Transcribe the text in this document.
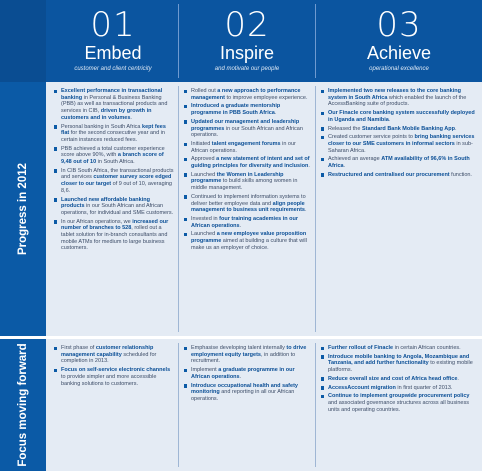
01
Embed
customer and client centricity
02
Inspire
and motivate our people
03
Achieve
operational excellence
Progress in 2012
Focus moving forward
Excellent performance in transactional banking in Personal & Business Banking (PBB) as well as transactional products and services in CIB, driven by growth in customers and in volumes.
Personal banking in South Africa kept fees flat for the second consecutive year and in certain instances reduced fees.
PBB achieved a total customer experience score above 90%, with a branch score of 9,48 out of 10 in South Africa.
In CIB South Africa, the transactional products and services customer survey score edged closer to our target of 9 out of 10, averaging 8,6.
Launched new affordable banking products in our South African and African operations, for individual and SME customers.
In our African operations, we increased our number of branches to 528, rolled out a tablet solution for in-branch consultants and mobile ATMs for medium to large business customers.
Rolled out a new approach to performance management to improve employee experience.
Introduced a graduate mentorship programme in PBB South Africa.
Updated our management and leadership programmes in our South African and African operations.
Initiated talent engagement forums in our African operations.
Approved a new statement of intent and set of guiding principles for diversity and inclusion.
Launched the Women in Leadership programme to build skills among women in middle management.
Continued to implement information systems to deliver better employee data and align people management to business unit requirements.
Invested in four training academies in our African operations.
Launched a new employee value proposition programme aimed at building a culture that will make us an employer of choice.
Implemented two new releases to the core banking system in South Africa which enabled the launch of the AccessBanking suite of products.
Our Finacle core banking system successfully deployed in Uganda and Namibia.
Released the Standard Bank Mobile Banking App.
Created customer service points to bring banking services closer to our SME customers in informal sectors in sub-Saharan Africa.
Achieved an average ATM availability of 96,6% in South Africa.
Restructured and centralised our procurement function.
First phase of customer relationship management capability scheduled for completion in 2013.
Focus on self-service electronic channels to provide simpler and more accessible banking solutions to customers.
Emphasise developing talent internally to drive employment equity targets, in addition to recruitment.
Implement a graduate programme in our African operations.
Introduce occupational health and safety monitoring and reporting in all our African operations.
Further rollout of Finacle in certain African countries.
Introduce mobile banking to Angola, Mozambique and Tanzania, and add further functionality to existing mobile platforms.
Reduce overall size and cost of Africa head office.
AccessAccount migration in first quarter of 2013.
Continue to implement groupwide procurement policy and associated governance structures across all business units and operating countries.
